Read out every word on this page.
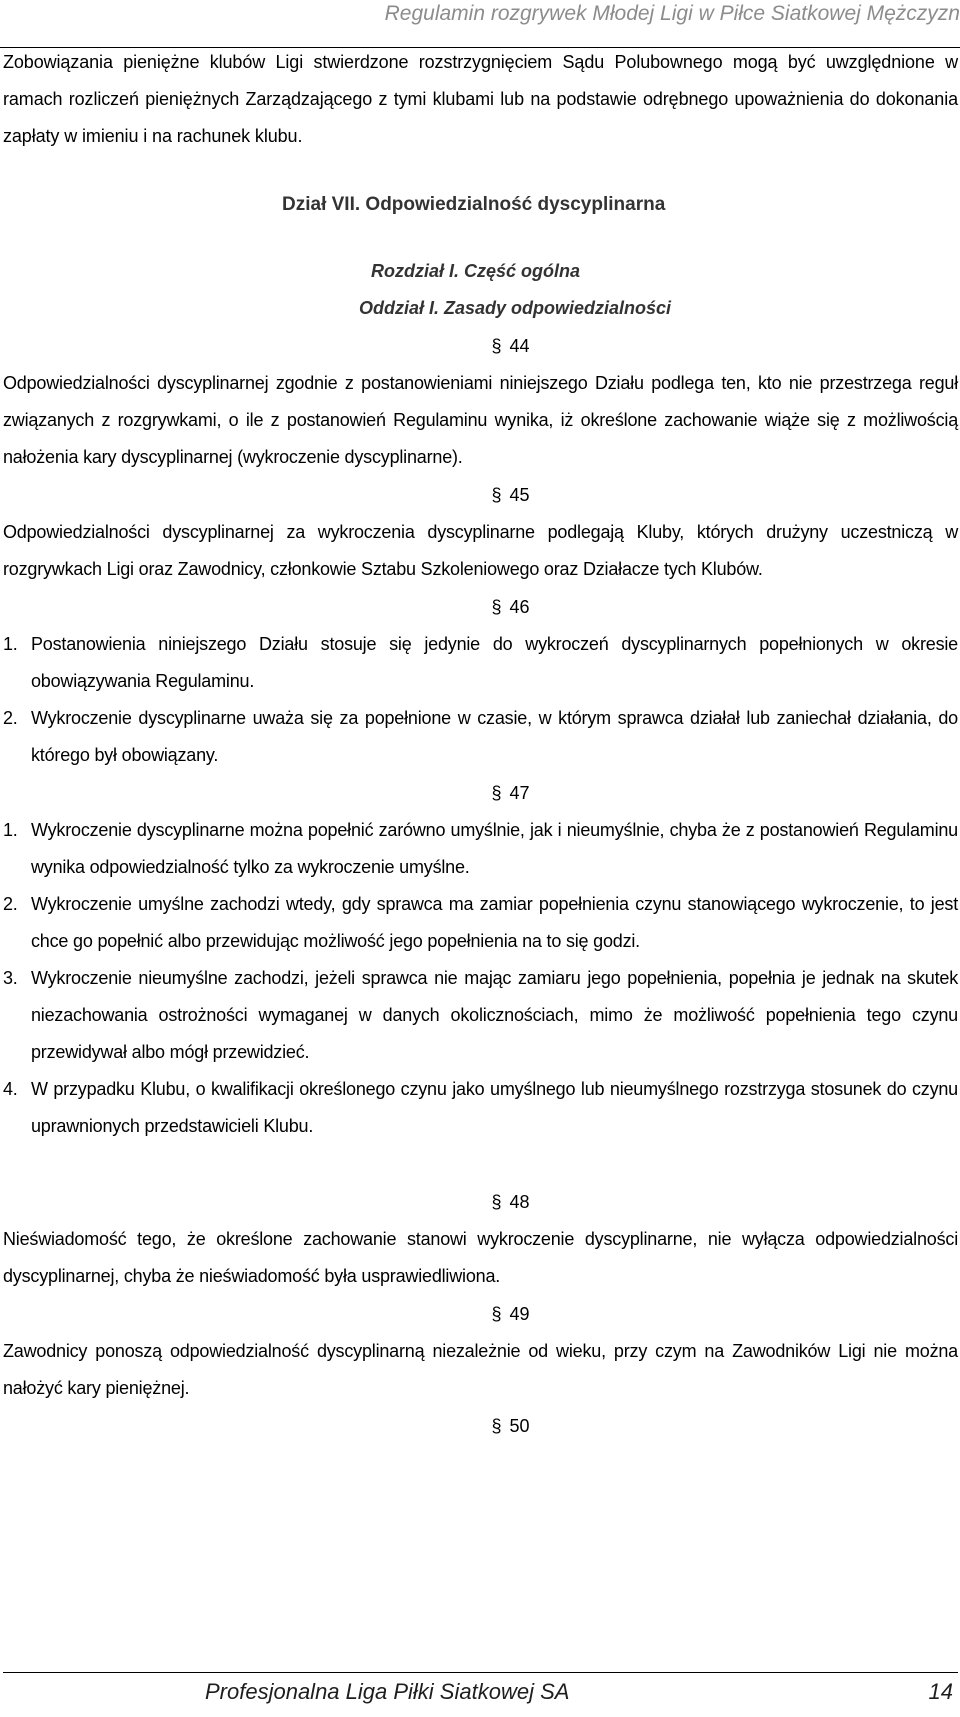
Regulamin rozgrywek Młodej Ligi w Piłce Siatkowej Mężczyzn

Zobowiązania pieniężne klubów Ligi stwierdzone rozstrzygnięciem Sądu Polubownego mogą być uwzględnione w ramach rozliczeń pieniężnych Zarządzającego z tymi klubami lub na podstawie odrębnego upoważnienia do dokonania zapłaty w imieniu i na rachunek klubu.

Dział VII. Odpowiedzialność dyscyplinarna

Rozdział I. Część ogólna

Oddział I. Zasady odpowiedzialności

§ 44

Odpowiedzialności dyscyplinarnej zgodnie z postanowieniami niniejszego Działu podlega ten, kto nie przestrzega reguł związanych z rozgrywkami, o ile z postanowień Regulaminu wynika, iż określone zachowanie wiąże się z możliwością nałożenia kary dyscyplinarnej (wykroczenie dyscyplinarne).

§ 45

Odpowiedzialności dyscyplinarnej za wykroczenia dyscyplinarne podlegają Kluby, których drużyny uczestniczą w rozgrywkach Ligi oraz Zawodnicy, członkowie Sztabu Szkoleniowego oraz Działacze tych Klubów.

§ 46

1. Postanowienia niniejszego Działu stosuje się jedynie do wykroczeń dyscyplinarnych popełnionych w okresie obowiązywania Regulaminu.
2. Wykroczenie dyscyplinarne uważa się za popełnione w czasie, w którym sprawca działał lub zaniechał działania, do którego był obowiązany.

§ 47

1. Wykroczenie dyscyplinarne można popełnić zarówno umyślnie, jak i nieumyślnie, chyba że z postanowień Regulaminu wynika odpowiedzialność tylko za wykroczenie umyślne.
2. Wykroczenie umyślne zachodzi wtedy, gdy sprawca ma zamiar popełnienia czynu stanowiącego wykroczenie, to jest chce go popełnić albo przewidując możliwość jego popełnienia na to się godzi.
3. Wykroczenie nieumyślne zachodzi, jeżeli sprawca nie mając zamiaru jego popełnienia, popełnia je jednak na skutek niezachowania ostrożności wymaganej w danych okolicznościach, mimo że możliwość popełnienia tego czynu przewidywał albo mógł przewidzieć.
4. W przypadku Klubu, o kwalifikacji określonego czynu jako umyślnego lub nieumyślnego rozstrzyga stosunek do czynu uprawnionych przedstawicieli Klubu.

§ 48

Nieświadomość tego, że określone zachowanie stanowi wykroczenie dyscyplinarne, nie wyłącza odpowiedzialności dyscyplinarnej, chyba że nieświadomość była usprawiedliwiona.

§ 49

Zawodnicy ponoszą odpowiedzialność dyscyplinarną niezależnie od wieku, przy czym na Zawodników Ligi nie można nałożyć kary pieniężnej.

§ 50

Profesjonalna Liga Piłki Siatkowej SA	14
